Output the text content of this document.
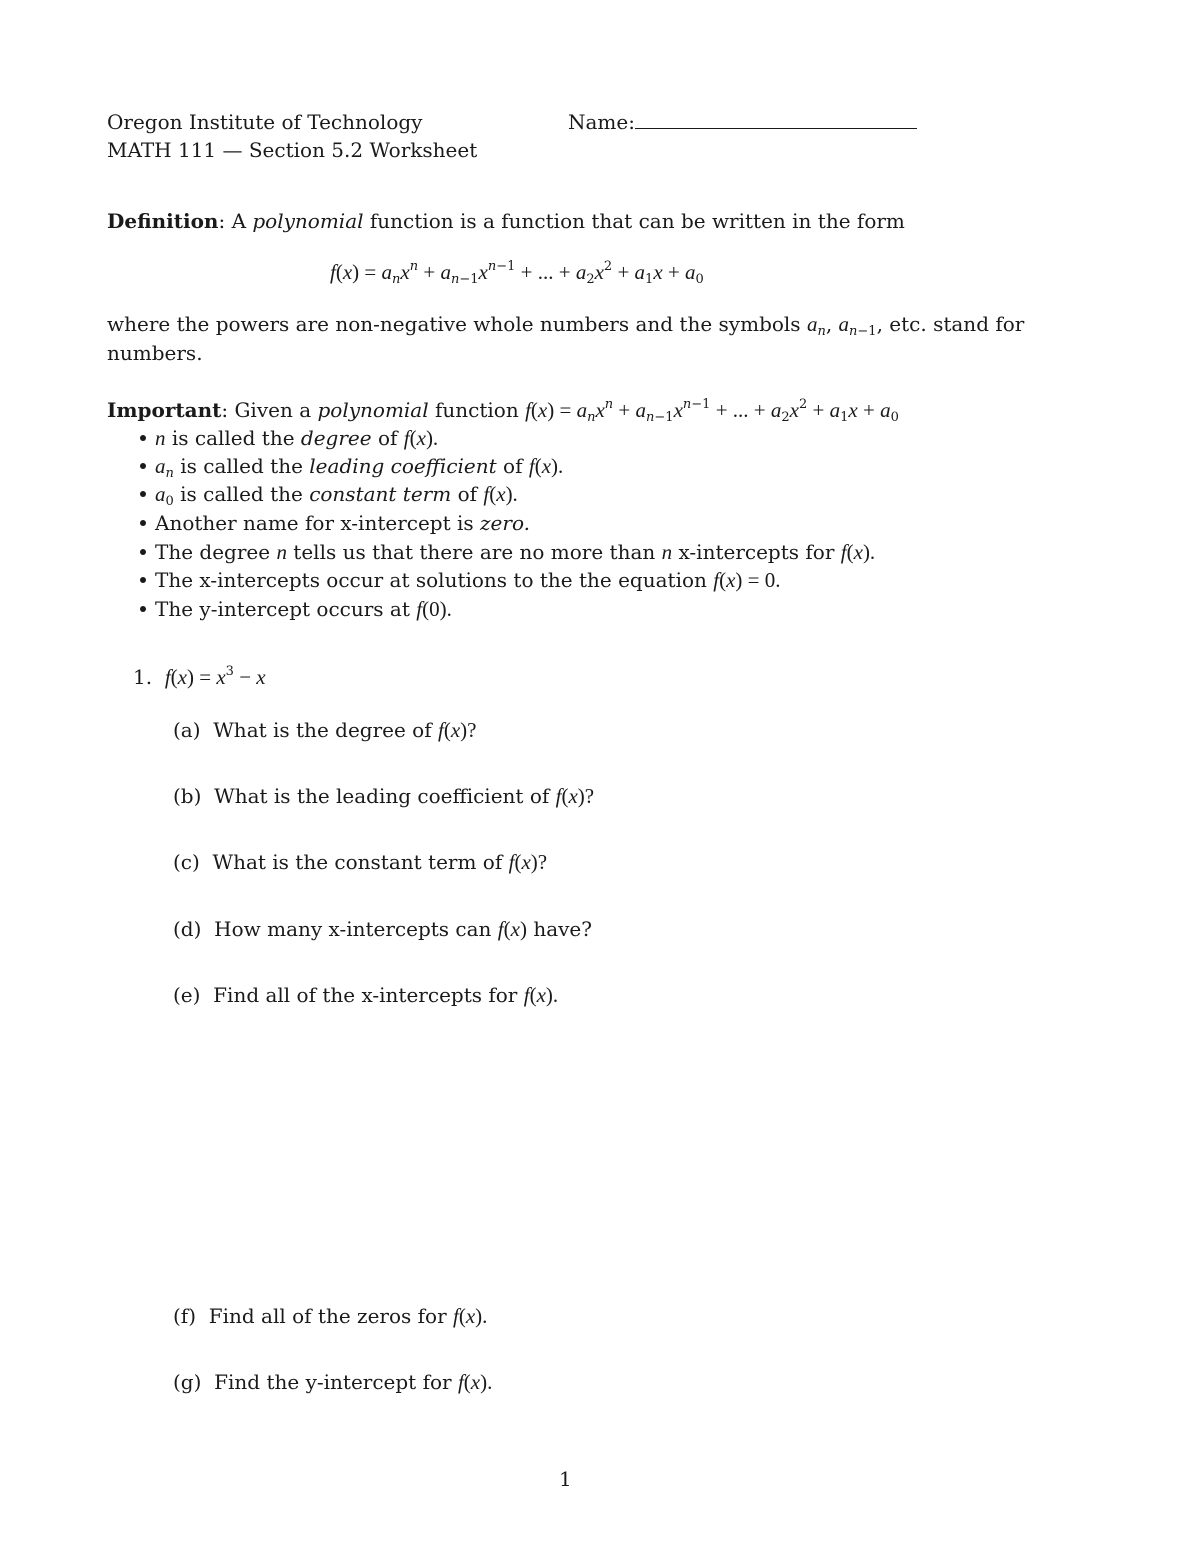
Oregon Institute of Technology	Name:
MATH 111 — Section 5.2 Worksheet
Definition: A polynomial function is a function that can be written in the form
$f(x) = a_nx^n + a_{n-1}x^{n-1}$ + ... + $a_2x^2 + a_1x + a_0$
where the powers are non-negative whole numbers and the symbols $a_n$, $a_{n-1}$, etc. stand for
numbers.
Important: Given a polynomial function $f(x) = a_nx^n + a_{n-1}x^{n-1}$ + ... + $a_2x^2 + a_1x + a_0$
n is called the degree of f(x).
$a_n$ is called the leading coefficient of f(x).
$a_0$ is called the constant term of f(x).
Another name for x-intercept is zero.
The degree n tells us that there are no more than n x-intercepts for f(x).
The x-intercepts occur at solutions to the the equation f(x) = 0.
The y-intercept occurs at f(0).
1. $f(x) = x^3 - x$
(a) What is the degree of f(x)?
(b) What is the leading coefficient of f(x)?
(c) What is the constant term of f(x)?
(d) How many x-intercepts can f(x) have?
(e) Find all of the x-intercepts for f(x).
(f) Find all of the zeros for f(x).
(g) Find the y-intercept for f(x).
1
